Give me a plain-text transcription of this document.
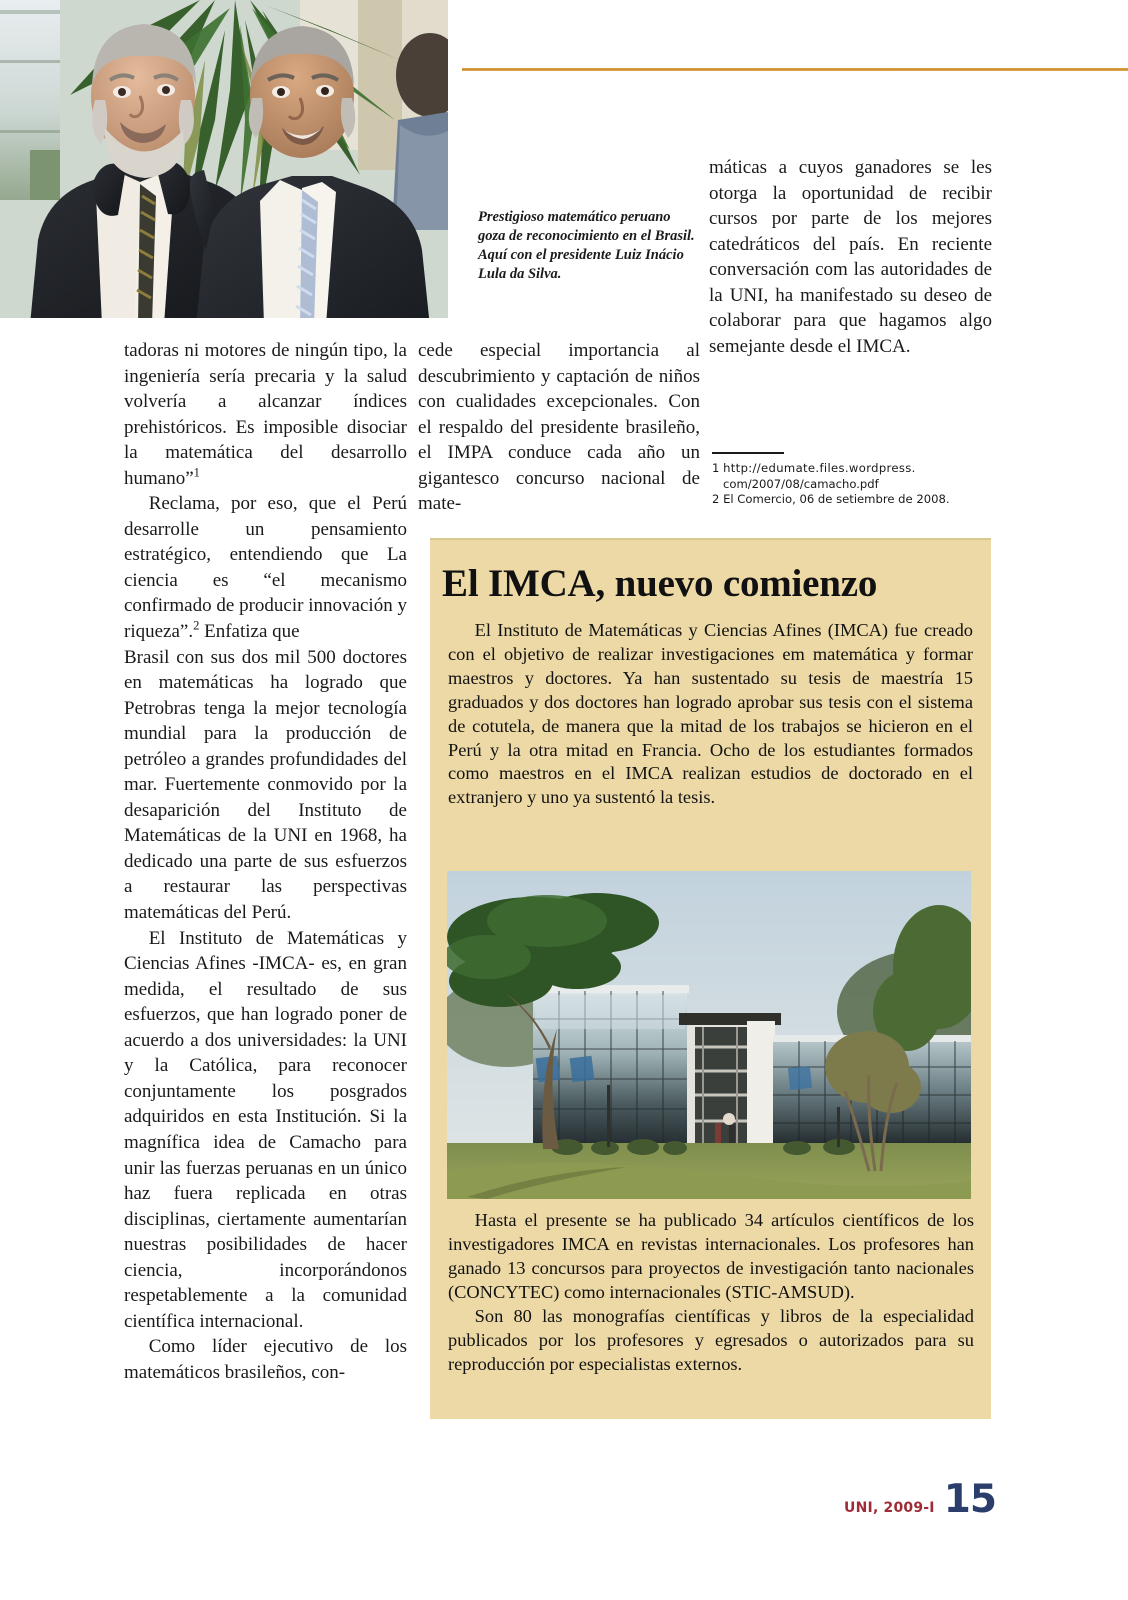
Prestigioso matemático peruano goza de reconocimiento en el Brasil. Aquí con el presidente Luiz Inácio Lula da Silva.

máticas a cuyos ganadores se les otorga la oportunidad de recibir cursos por parte de los mejores catedráticos del país. En reciente conversación com las autoridades de la UNI, ha manifestado su deseo de colaborar para que hagamos algo semejante desde el IMCA.

1 http://edumate.files.wordpress.

com/2007/08/camacho.pdf

2 El Comercio, 06 de setiembre de 2008.

tadoras ni motores de ningún tipo, la ingeniería sería precaria y la salud volvería a alcanzar índices prehistóricos. Es imposible disociar la matemática del desarrollo humano”$^1$

Reclama, por eso, que el Perú desarrolle un pensamiento estratégico, entendiendo que La ciencia es “el mecanismo confirmado de producir innovación y riqueza”.$^2$ Enfatiza que

Brasil con sus dos mil 500 doctores en matemáticas ha logrado que Petrobras tenga la mejor tecnología mundial para la producción de petróleo a grandes profundidades del mar. Fuertemente conmovido por la desaparición del Instituto de Matemáticas de la UNI en 1968, ha dedicado una parte de sus esfuerzos a restaurar las perspectivas matemáticas del Perú.

El Instituto de Matemáticas y Ciencias Afines -IMCA- es, en gran medida, el resultado de sus esfuerzos, que han logrado poner de acuerdo a dos universidades: la UNI y la Católica, para reconocer conjuntamente los posgrados adquiridos en esta Institución. Si la magnífica idea de Camacho para unir las fuerzas peruanas en un único haz fuera replicada en otras disciplinas, ciertamente aumentarían nuestras posibilidades de hacer ciencia, incorporándonos respetablemente a la comunidad científica internacional.

Como líder ejecutivo de los matemáticos brasileños, con-

cede especial importancia al descubrimiento y captación de niños con cualidades excepcionales. Con el respaldo del presidente brasileño, el IMPA conduce cada año un gigantesco concurso nacional de mate-

El IMCA, nuevo comienzo

El Instituto de Matemáticas y Ciencias Afines (IMCA) fue creado con el objetivo de realizar investigaciones em matemática y formar maestros y doctores. Ya han sustentado su tesis de maestría 15 graduados y dos doctores han logrado aprobar sus tesis con el sistema de cotutela, de manera que la mitad de los trabajos se hicieron en el Perú y la otra mitad en Francia. Ocho de los estudiantes formados como maestros en el IMCA realizan estudios de doctorado en el extranjero y uno ya sustentó la tesis.

Hasta el presente se ha publicado 34 artículos científicos de los investigadores IMCA en revistas internacionales. Los profesores han ganado 13 concursos para proyectos de investigación tanto nacionales (CONCYTEC) como internacionales (STIC-AMSUD).

Son 80 las monografías científicas y libros de la especialidad publicados por los profesores y egresados o autorizados para su reproducción por especialistas externos.

UNI, 2009-I 15
